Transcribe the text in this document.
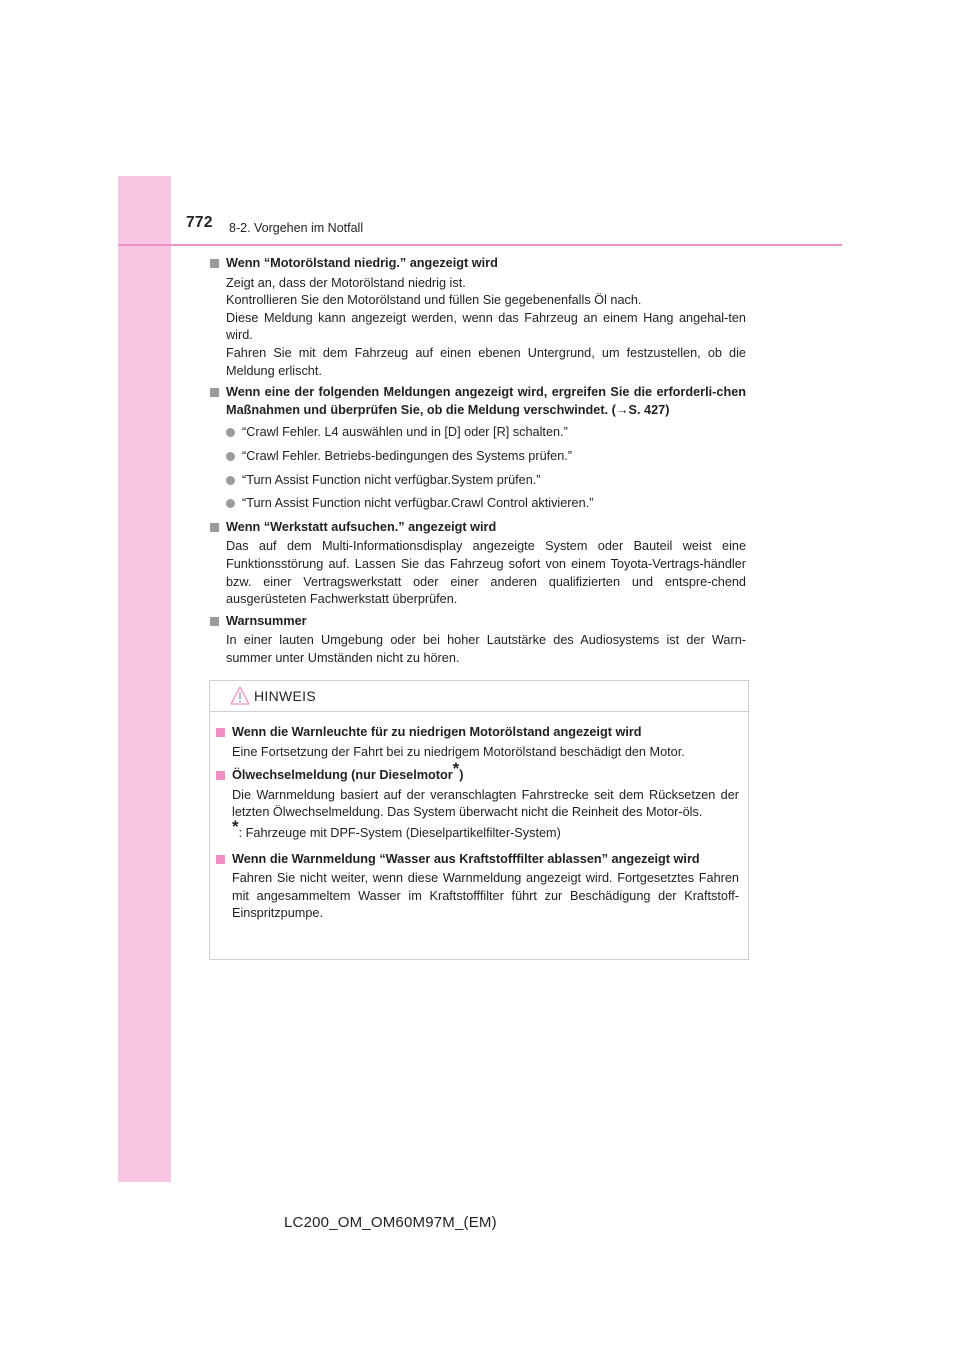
772 8-2. Vorgehen im Notfall
Wenn “Motorölstand niedrig.” angezeigt wird
Zeigt an, dass der Motorölstand niedrig ist.
Kontrollieren Sie den Motorölstand und füllen Sie gegebenenfalls Öl nach.
Diese Meldung kann angezeigt werden, wenn das Fahrzeug an einem Hang angehal-ten wird.
Fahren Sie mit dem Fahrzeug auf einen ebenen Untergrund, um festzustellen, ob die Meldung erlischt.
Wenn eine der folgenden Meldungen angezeigt wird, ergreifen Sie die erforderli-chen Maßnahmen und überprüfen Sie, ob die Meldung verschwindet. (→S. 427)
“Crawl Fehler. L4 auswählen und in [D] oder [R] schalten.”
“Crawl Fehler. Betriebs-bedingungen des Systems prüfen.”
“Turn Assist Function nicht verfügbar.System prüfen.”
“Turn Assist Function nicht verfügbar.Crawl Control aktivieren.”
Wenn “Werkstatt aufsuchen.” angezeigt wird
Das auf dem Multi-Informationsdisplay angezeigte System oder Bauteil weist eine Funktionsstörung auf. Lassen Sie das Fahrzeug sofort von einem Toyota-Vertrags-händler bzw. einer Vertragswerkstatt oder einer anderen qualifizierten und entspre-chend ausgerüsteten Fachwerkstatt überprüfen.
Warnsummer
In einer lauten Umgebung oder bei hoher Lautstärke des Audiosystems ist der Warn-summer unter Umständen nicht zu hören.
HINWEIS
Wenn die Warnleuchte für zu niedrigen Motorölstand angezeigt wird
Eine Fortsetzung der Fahrt bei zu niedrigem Motorölstand beschädigt den Motor.
Ölwechselmeldung (nur Dieselmotor*)
Die Warnmeldung basiert auf der veranschlagten Fahrstrecke seit dem Rücksetzen der letzten Ölwechselmeldung. Das System überwacht nicht die Reinheit des Motor-öls.
*: Fahrzeuge mit DPF-System (Dieselpartikelfilter-System)
Wenn die Warnmeldung “Wasser aus Kraftstofffilter ablassen” angezeigt wird
Fahren Sie nicht weiter, wenn diese Warnmeldung angezeigt wird. Fortgesetztes Fahren mit angesammeltem Wasser im Kraftstofffilter führt zur Beschädigung der Kraftstoff-Einspritzpumpe.
LC200_OM_OM60M97M_(EM)
